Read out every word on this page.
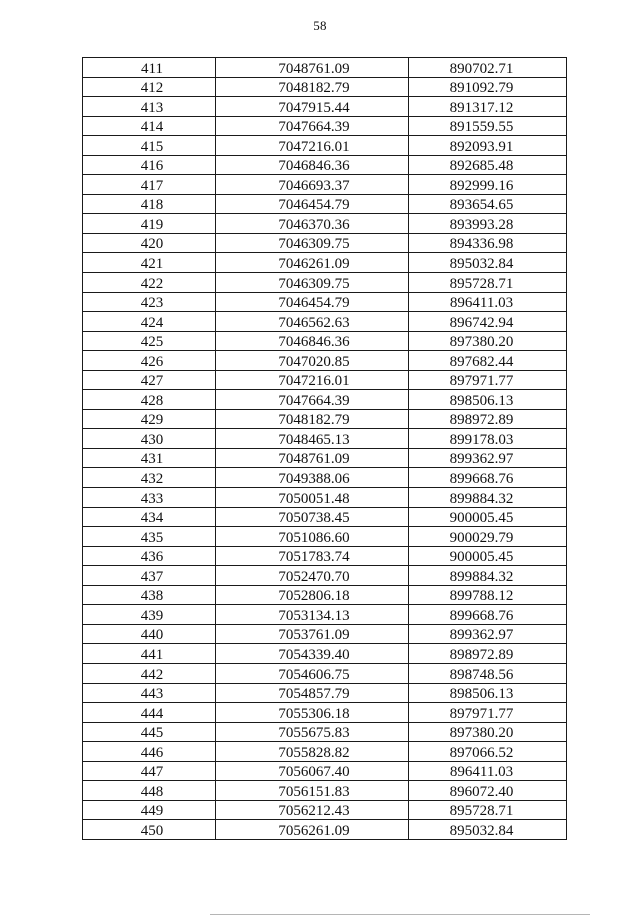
58
411	7048761.09	890702.71
412	7048182.79	891092.79
413	7047915.44	891317.12
414	7047664.39	891559.55
415	7047216.01	892093.91
416	7046846.36	892685.48
417	7046693.37	892999.16
418	7046454.79	893654.65
419	7046370.36	893993.28
420	7046309.75	894336.98
421	7046261.09	895032.84
422	7046309.75	895728.71
423	7046454.79	896411.03
424	7046562.63	896742.94
425	7046846.36	897380.20
426	7047020.85	897682.44
427	7047216.01	897971.77
428	7047664.39	898506.13
429	7048182.79	898972.89
430	7048465.13	899178.03
431	7048761.09	899362.97
432	7049388.06	899668.76
433	7050051.48	899884.32
434	7050738.45	900005.45
435	7051086.60	900029.79
436	7051783.74	900005.45
437	7052470.70	899884.32
438	7052806.18	899788.12
439	7053134.13	899668.76
440	7053761.09	899362.97
441	7054339.40	898972.89
442	7054606.75	898748.56
443	7054857.79	898506.13
444	7055306.18	897971.77
445	7055675.83	897380.20
446	7055828.82	897066.52
447	7056067.40	896411.03
448	7056151.83	896072.40
449	7056212.43	895728.71
450	7056261.09	895032.84
